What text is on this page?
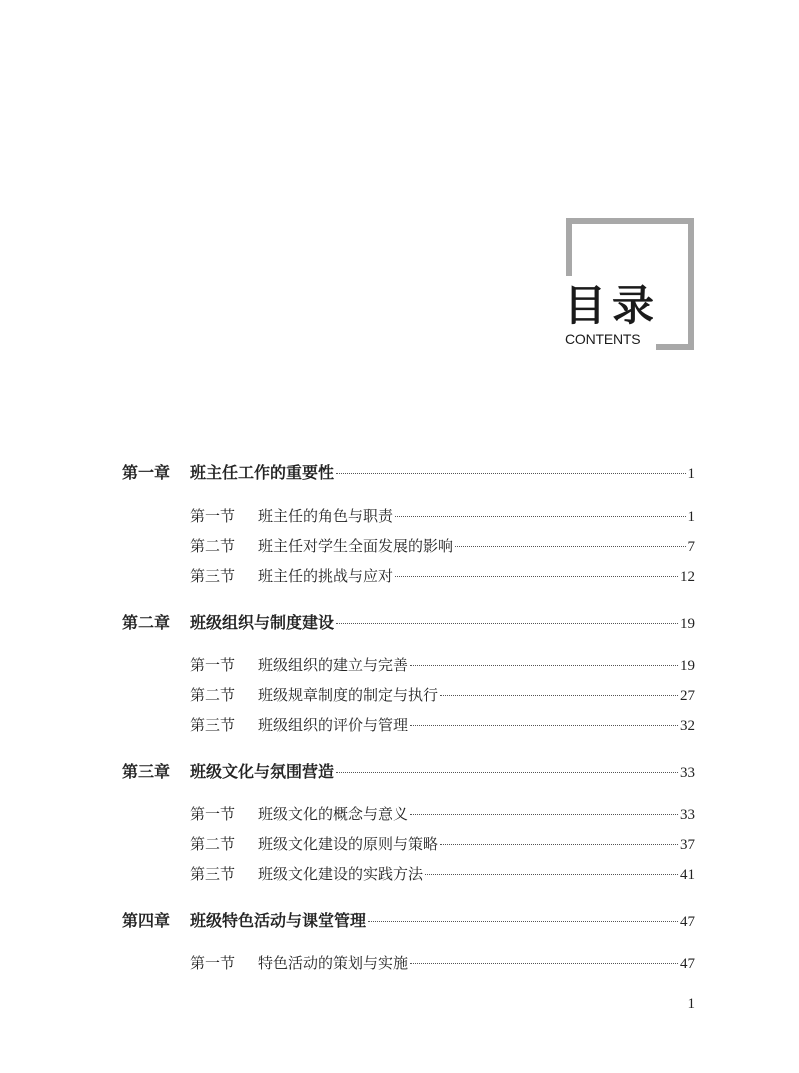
目录
CONTENTS
第一章	班主任工作的重要性	1
第一节	班主任的角色与职责	1
第二节	班主任对学生全面发展的影响	7
第三节	班主任的挑战与应对	12
第二章	班级组织与制度建设	19
第一节	班级组织的建立与完善	19
第二节	班级规章制度的制定与执行	27
第三节	班级组织的评价与管理	32
第三章	班级文化与氛围营造	33
第一节	班级文化的概念与意义	33
第二节	班级文化建设的原则与策略	37
第三节	班级文化建设的实践方法	41
第四章	班级特色活动与课堂管理	47
第一节	特色活动的策划与实施	47
1
